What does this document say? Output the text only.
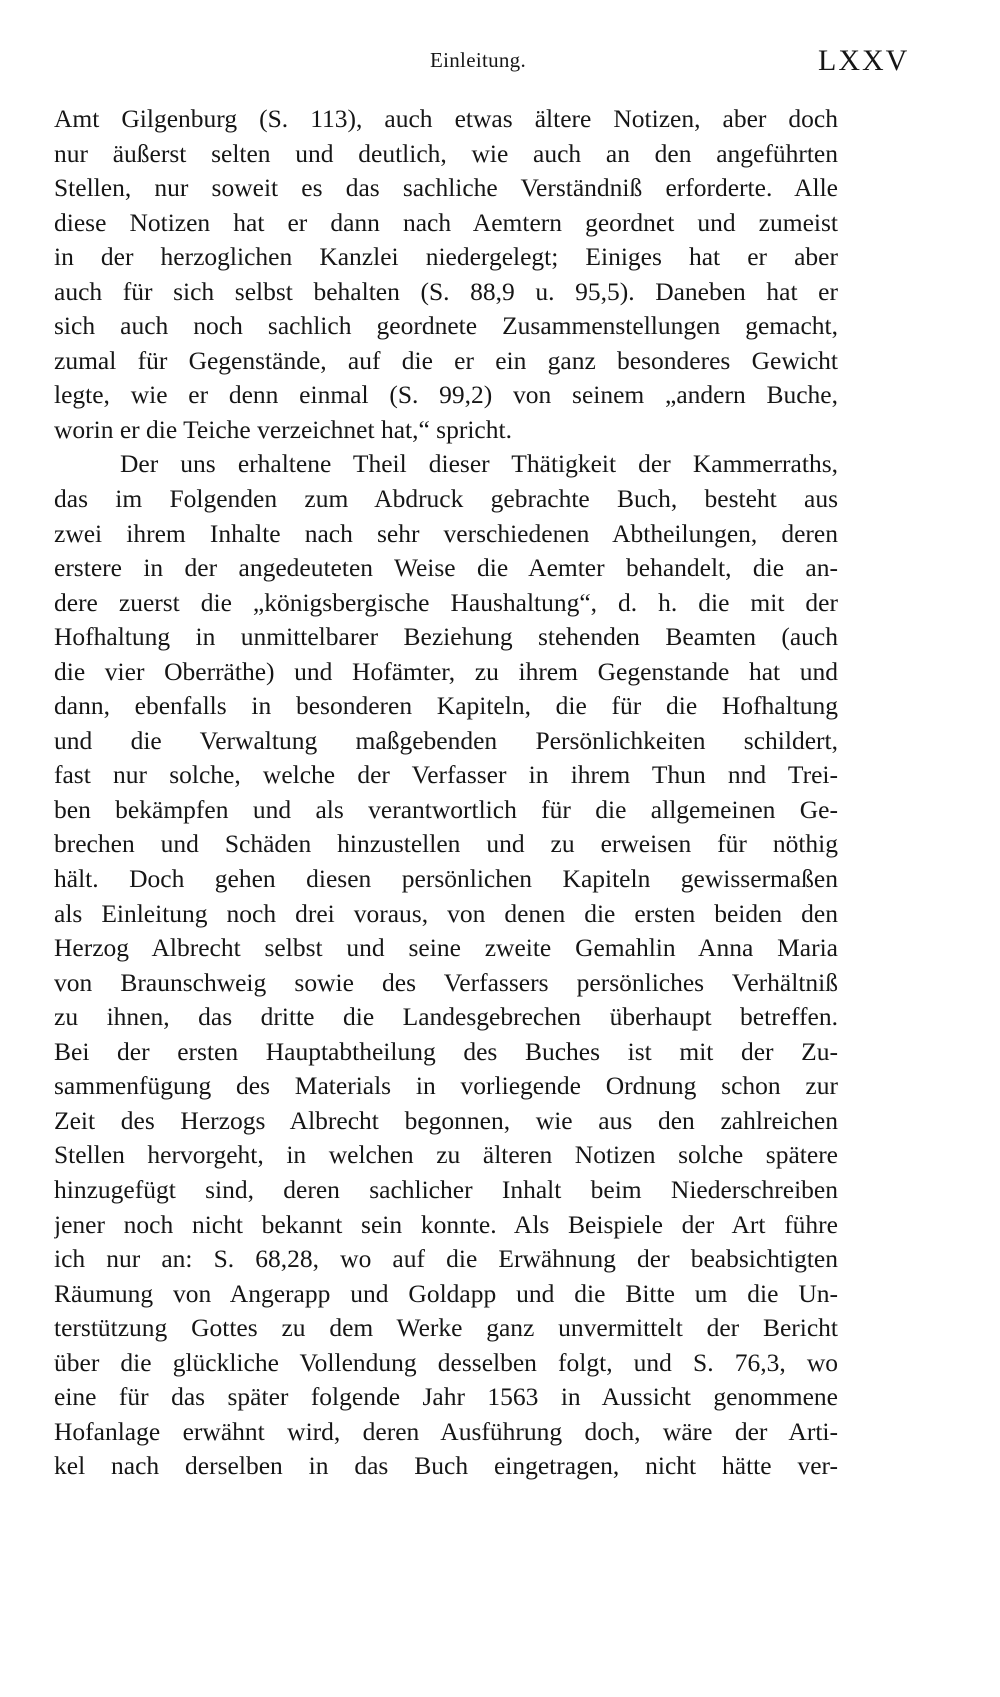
Einleitung.	LXXV
Amt Gilgenburg (S. 113), auch etwas ältere Notizen, aber doch
nur äußerst selten und deutlich, wie auch an den angeführten
Stellen, nur soweit es das sachliche Verständniß erforderte. Alle
diese Notizen hat er dann nach Aemtern geordnet und zumeist
in der herzoglichen Kanzlei niedergelegt; Einiges hat er aber
auch für sich selbst behalten (S. 88,9 u. 95,5). Daneben hat er
sich auch noch sachlich geordnete Zusammenstellungen gemacht,
zumal für Gegenstände, auf die er ein ganz besonderes Gewicht
legte, wie er denn einmal (S. 99,2) von seinem „andern Buche,
worin er die Teiche verzeichnet hat,“ spricht.
Der uns erhaltene Theil dieser Thätigkeit der Kammerraths,
das im Folgenden zum Abdruck gebrachte Buch, besteht aus
zwei ihrem Inhalte nach sehr verschiedenen Abtheilungen, deren
erstere in der angedeuteten Weise die Aemter behandelt, die an-
dere zuerst die „königsbergische Haushaltung“, d. h. die mit der
Hofhaltung in unmittelbarer Beziehung stehenden Beamten (auch
die vier Oberräthe) und Hofämter, zu ihrem Gegenstande hat und
dann, ebenfalls in besonderen Kapiteln, die für die Hofhaltung
und die Verwaltung maßgebenden Persönlichkeiten schildert,
fast nur solche, welche der Verfasser in ihrem Thun nnd Trei-
ben bekämpfen und als verantwortlich für die allgemeinen Ge-
brechen und Schäden hinzustellen und zu erweisen für nöthig
hält. Doch gehen diesen persönlichen Kapiteln gewissermaßen
als Einleitung noch drei voraus, von denen die ersten beiden den
Herzog Albrecht selbst und seine zweite Gemahlin Anna Maria
von Braunschweig sowie des Verfassers persönliches Verhältniß
zu ihnen, das dritte die Landesgebrechen überhaupt betreffen.
Bei der ersten Hauptabtheilung des Buches ist mit der Zu-
sammenfügung des Materials in vorliegende Ordnung schon zur
Zeit des Herzogs Albrecht begonnen, wie aus den zahlreichen
Stellen hervorgeht, in welchen zu älteren Notizen solche spätere
hinzugefügt sind, deren sachlicher Inhalt beim Niederschreiben
jener noch nicht bekannt sein konnte. Als Beispiele der Art führe
ich nur an: S. 68,28, wo auf die Erwähnung der beabsichtigten
Räumung von Angerapp und Goldapp und die Bitte um die Un-
terstützung Gottes zu dem Werke ganz unvermittelt der Bericht
über die glückliche Vollendung desselben folgt, und S. 76,3, wo
eine für das später folgende Jahr 1563 in Aussicht genommene
Hofanlage erwähnt wird, deren Ausführung doch, wäre der Arti-
kel nach derselben in das Buch eingetragen, nicht hätte ver-
